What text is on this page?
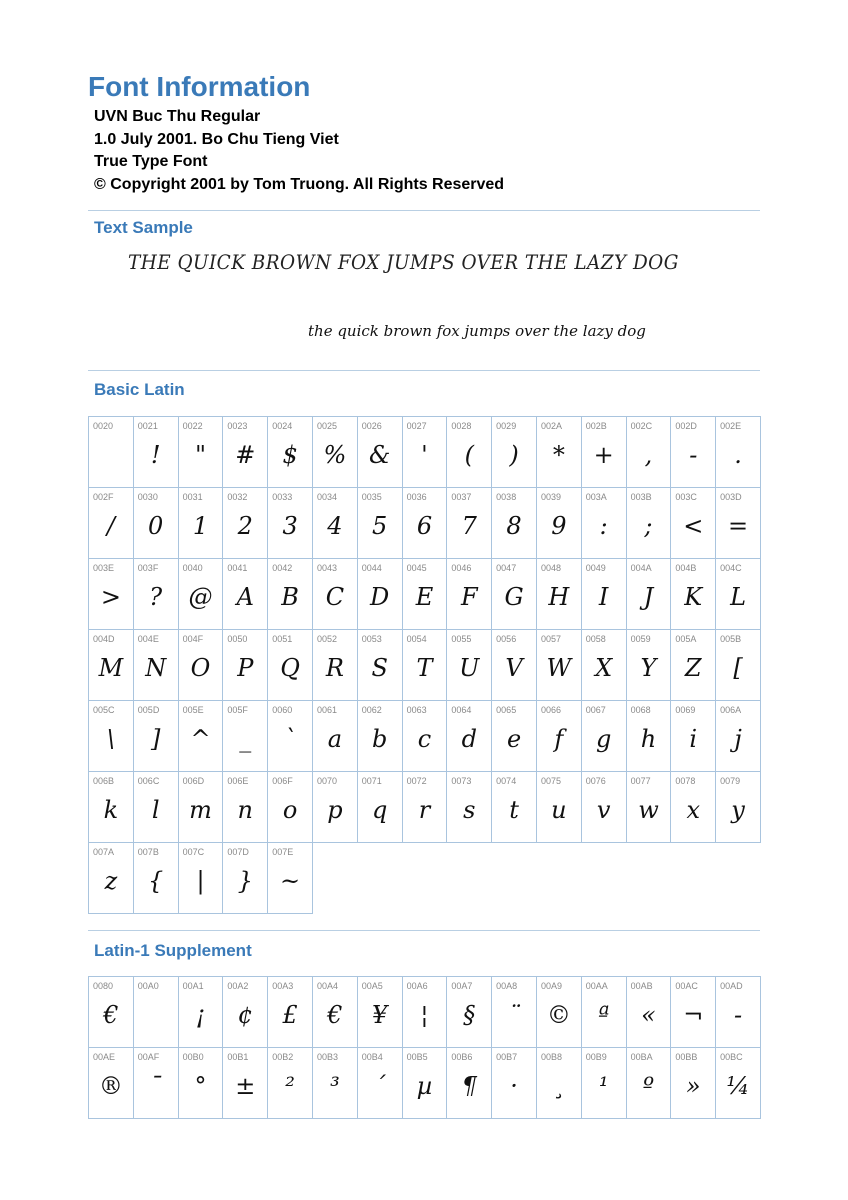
Font Information
UVN Buc Thu Regular
1.0 July 2001. Bo Chu Tieng Viet
True Type Font
© Copyright 2001 by Tom Truong. All Rights Reserved
Text Sample
THE QUICK BROWN FOX JUMPS OVER THE LAZY DOG
the quick brown fox jumps over the lazy dog
Basic Latin
0020	0021
!
0022
"
0023
#
0024
$
0025
%
0026
&
0027
'
0028
(
0029
)
002A
*
002B
+
002C
,
002D
-
002E
.
002F
/
0030
0
0031
1
0032
2
0033
3
0034
4
0035
5
0036
6
0037
7
0038
8
0039
9
003A
:
003B
;
003C
<
003D
=
003E
>
003F
?
0040
@
0041
A
0042
B
0043
C
0044
D
0045
E
0046
F
0047
G
0048
H
0049
I
004A
J
004B
K
004C
L
004D
M
004E
N
004F
O
0050
P
0051
Q
0052
R
0053
S
0054
T
0055
U
0056
V
0057
W
0058
X
0059
Y
005A
Z
005B
[
005C
\
005D
]
005E
^
005F
_
0060
`
0061
a
0062
b
0063
c
0064
d
0065
e
0066
f
0067
g
0068
h
0069
i
006A
j
006B
k
006C
l
006D
m
006E
n
006F
o
0070
p
0071
q
0072
r
0073
s
0074
t
0075
u
0076
v
0077
w
0078
x
0079
y
007A
z
007B
{
007C
|
007D
}
007E
~
Latin-1 Supplement
0080
€
00A0	00A1
¡
00A2
¢
00A3
£
00A4
€
00A5
¥
00A6
¦
00A7
§
00A8
¨
00A9
©
00AA
ª
00AB
«
00AC
¬
00AD
-
00AE
®
00AF
¯
00B0
°
00B1
±
00B2
²
00B3
³
00B4
´
00B5
µ
00B6
¶
00B7
·
00B8
¸
00B9
¹
00BA
º
00BB
»
00BC
¼
